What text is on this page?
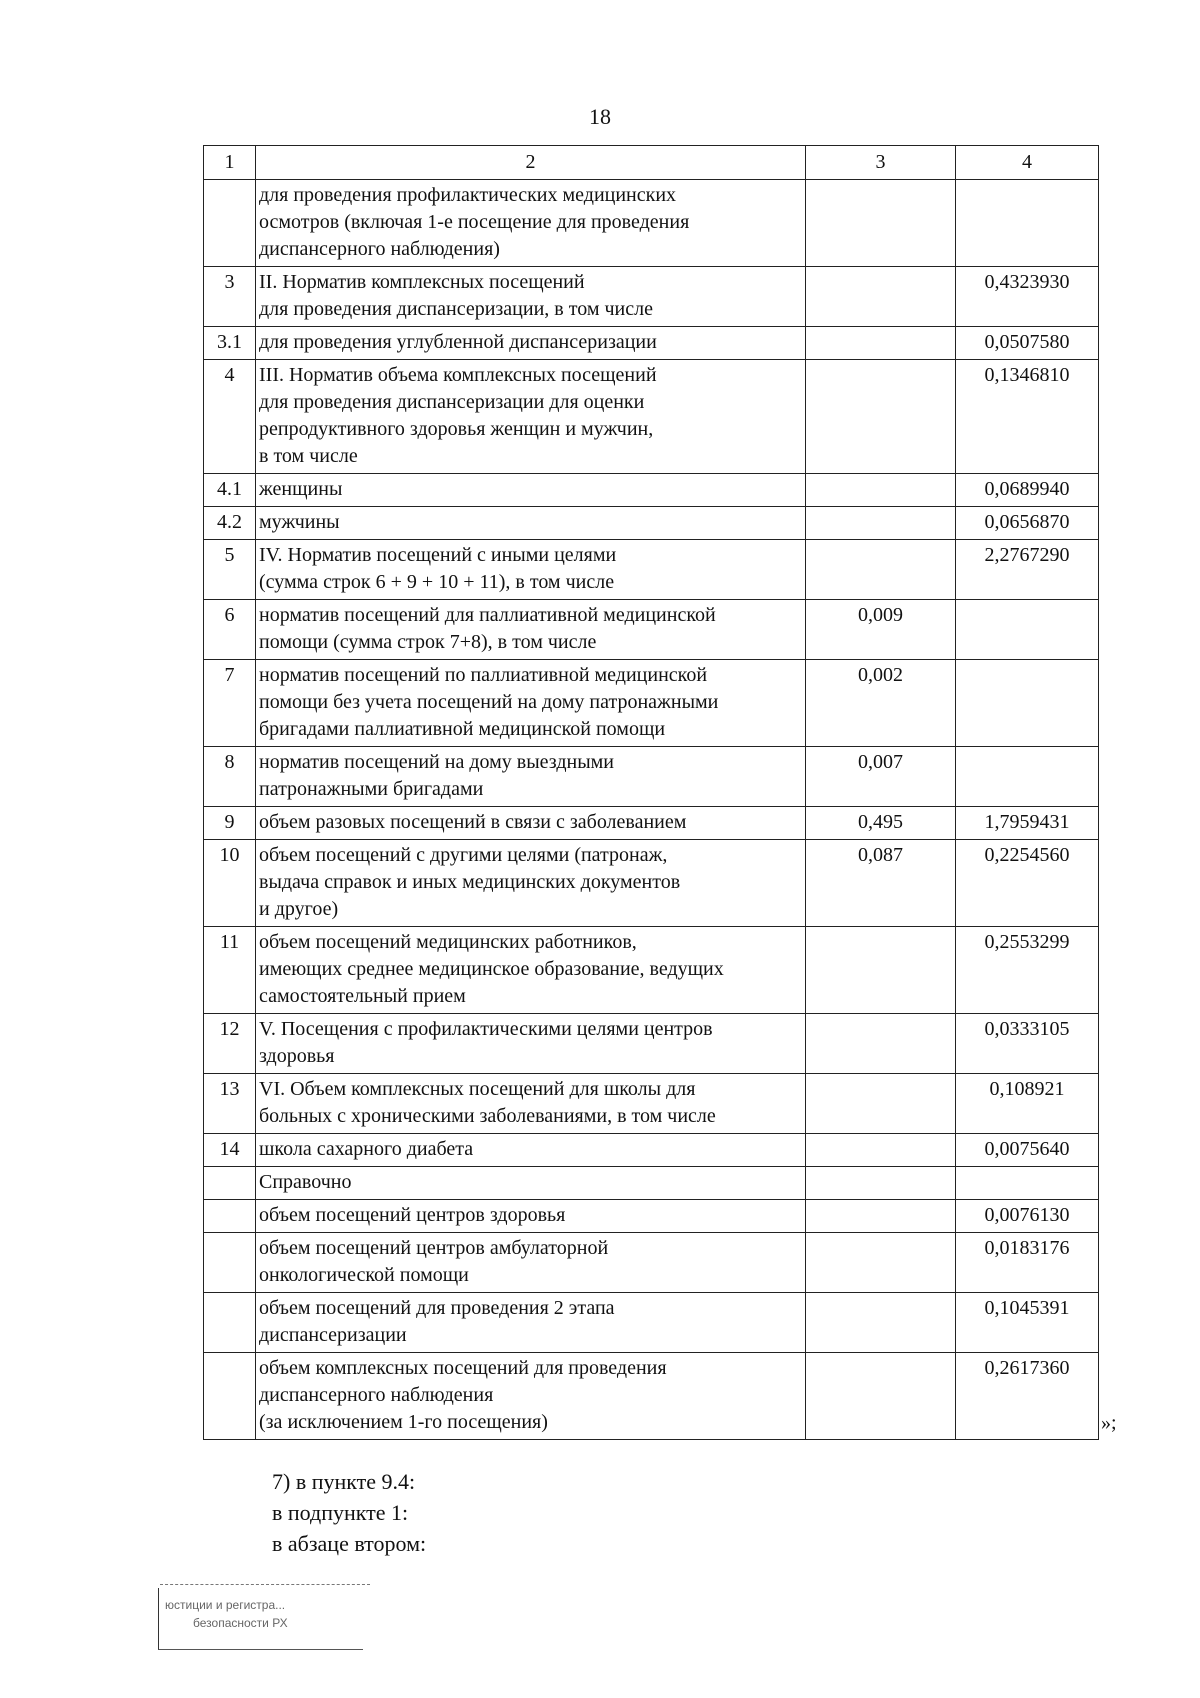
18
1	2	3	4
	для проведения профилактических медицинских
осмотров (включая 1-е посещение для проведения
диспансерного наблюдения)		
3	II. Норматив комплексных посещений
для проведения диспансеризации, в том числе		0,4323930
3.1	для проведения углубленной диспансеризации		0,0507580
4	III. Норматив объема комплексных посещений
для проведения диспансеризации для оценки
репродуктивного здоровья женщин и мужчин,
в том числе		0,1346810
4.1	женщины		0,0689940
4.2	мужчины		0,0656870
5	IV. Норматив посещений с иными целями
(сумма строк 6 + 9 + 10 + 11), в том числе		2,2767290
6	норматив посещений для паллиативной медицинской
помощи (сумма строк 7+8), в том числе	0,009	
7	норматив посещений по паллиативной медицинской
помощи без учета посещений на дому патронажными
бригадами паллиативной медицинской помощи	0,002	
8	норматив посещений на дому выездными
патронажными бригадами	0,007	
9	объем разовых посещений в связи с заболеванием	0,495	1,7959431
10	объем посещений с другими целями (патронаж,
выдача справок и иных медицинских документов
и другое)	0,087	0,2254560
11	объем посещений медицинских работников,
имеющих среднее медицинское образование, ведущих
самостоятельный прием		0,2553299
12	V. Посещения с профилактическими целями центров
здоровья		0,0333105
13	VI. Объем комплексных посещений для школы для
больных с хроническими заболеваниями, в том числе		0,108921
14	школа сахарного диабета		0,0075640
	Справочно		
	объем посещений центров здоровья		0,0076130
	объем посещений центров амбулаторной
онкологической помощи		0,0183176
	объем посещений для проведения 2 этапа
диспансеризации		0,1045391
	объем комплексных посещений для проведения
диспансерного наблюдения
(за исключением 1-го посещения)		0,2617360
»;
7) в пункте 9.4:
в подпункте 1:
в абзаце втором:
юстиции и регистра...
безопасности РХ
